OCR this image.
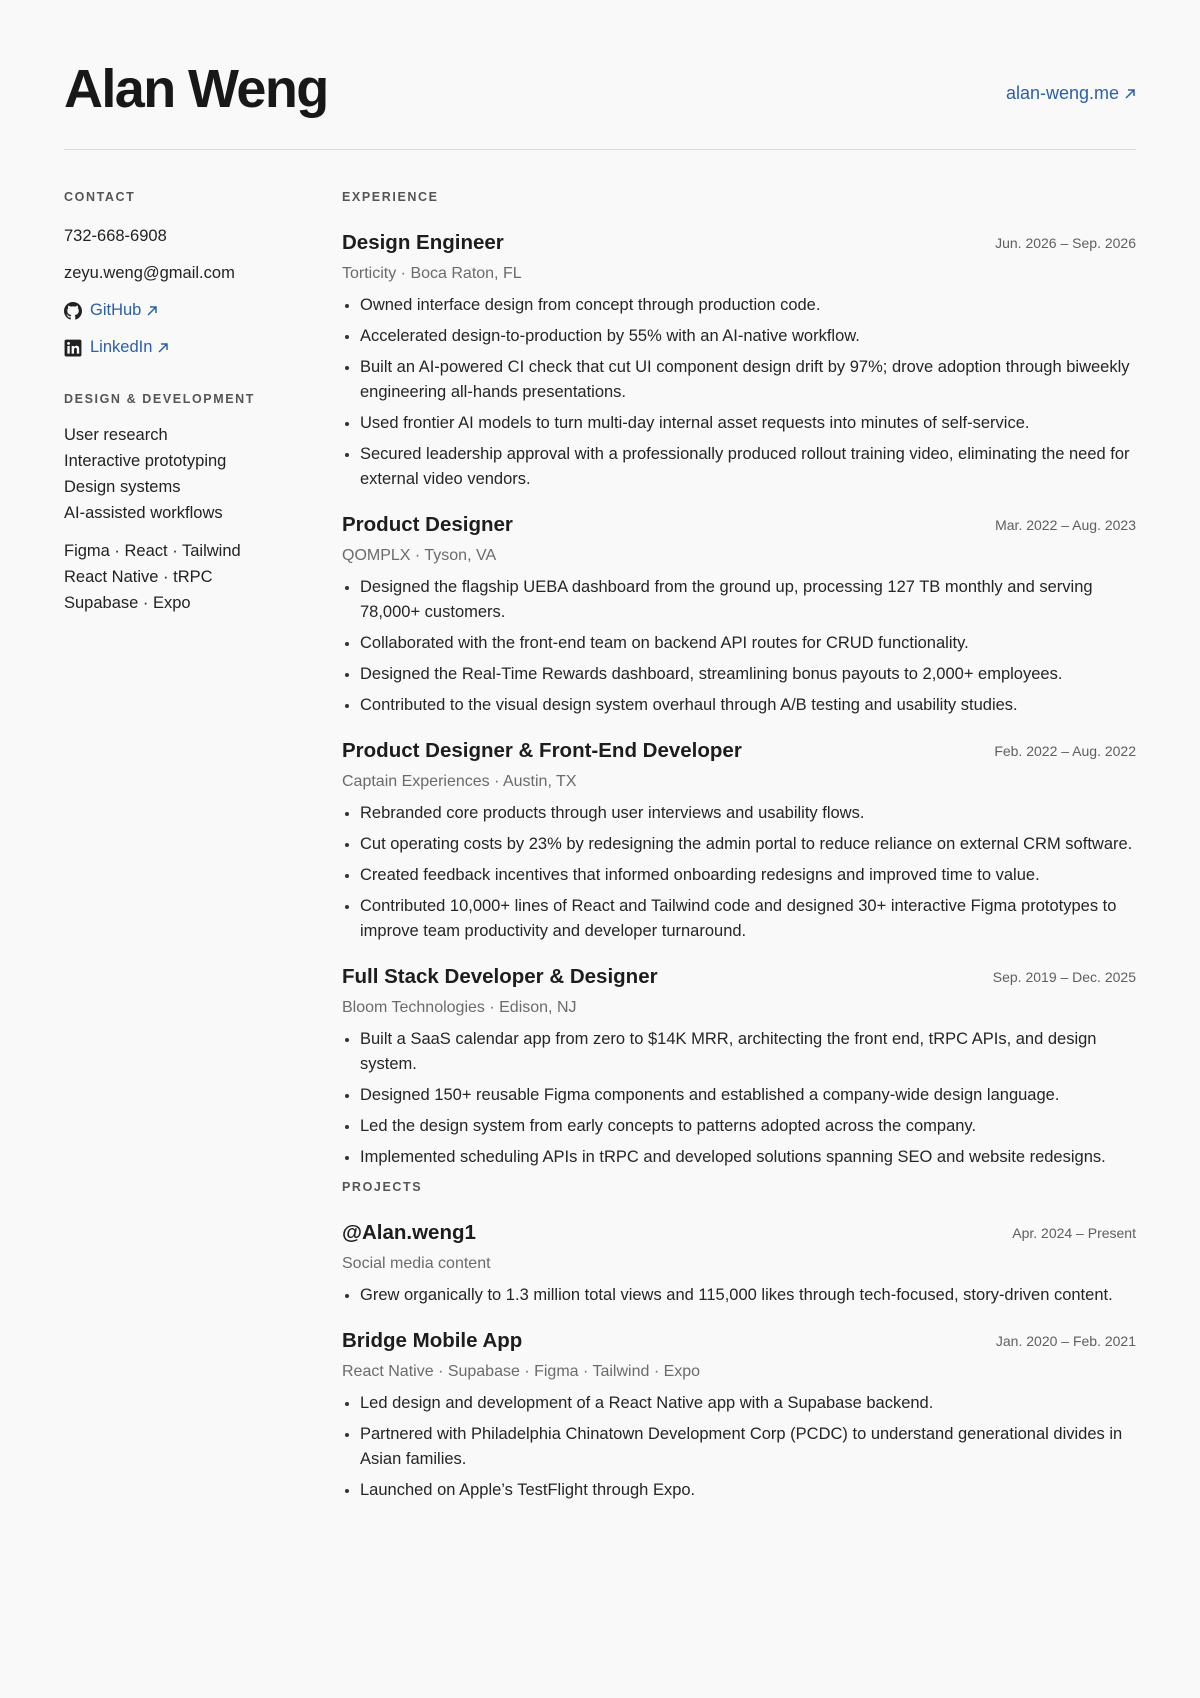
Alan Weng	alan-weng.me
CONTACT
732-668-6908
zeyu.weng@gmail.com
GitHub
LinkedIn
DESIGN & DEVELOPMENT
User research
Interactive prototyping
Design systems
AI-assisted workflows
Figma · React · Tailwind
React Native · tRPC
Supabase · Expo
EXPERIENCE
Design Engineer	Jun. 2026 – Sep. 2026
Torticity · Boca Raton, FL
Owned interface design from concept through production code.
Accelerated design-to-production by 55% with an AI-native workflow.
Built an AI-powered CI check that cut UI component design drift by 97%; drove adoption through biweekly engineering all-hands presentations.
Used frontier AI models to turn multi-day internal asset requests into minutes of self-service.
Secured leadership approval with a professionally produced rollout training video, eliminating the need for external video vendors.
Product Designer	Mar. 2022 – Aug. 2023
QOMPLX · Tyson, VA
Designed the flagship UEBA dashboard from the ground up, processing 127 TB monthly and serving 78,000+ customers.
Collaborated with the front-end team on backend API routes for CRUD functionality.
Designed the Real-Time Rewards dashboard, streamlining bonus payouts to 2,000+ employees.
Contributed to the visual design system overhaul through A/B testing and usability studies.
Product Designer & Front-End Developer	Feb. 2022 – Aug. 2022
Captain Experiences · Austin, TX
Rebranded core products through user interviews and usability flows.
Cut operating costs by 23% by redesigning the admin portal to reduce reliance on external CRM software.
Created feedback incentives that informed onboarding redesigns and improved time to value.
Contributed 10,000+ lines of React and Tailwind code and designed 30+ interactive Figma prototypes to improve team productivity and developer turnaround.
Full Stack Developer & Designer	Sep. 2019 – Dec. 2025
Bloom Technologies · Edison, NJ
Built a SaaS calendar app from zero to $14K MRR, architecting the front end, tRPC APIs, and design system.
Designed 150+ reusable Figma components and established a company-wide design language.
Led the design system from early concepts to patterns adopted across the company.
Implemented scheduling APIs in tRPC and developed solutions spanning SEO and website redesigns.
PROJECTS
@Alan.weng1	Apr. 2024 – Present
Social media content
Grew organically to 1.3 million total views and 115,000 likes through tech-focused, story-driven content.
Bridge Mobile App	Jan. 2020 – Feb. 2021
React Native · Supabase · Figma · Tailwind · Expo
Led design and development of a React Native app with a Supabase backend.
Partnered with Philadelphia Chinatown Development Corp (PCDC) to understand generational divides in Asian families.
Launched on Apple’s TestFlight through Expo.
